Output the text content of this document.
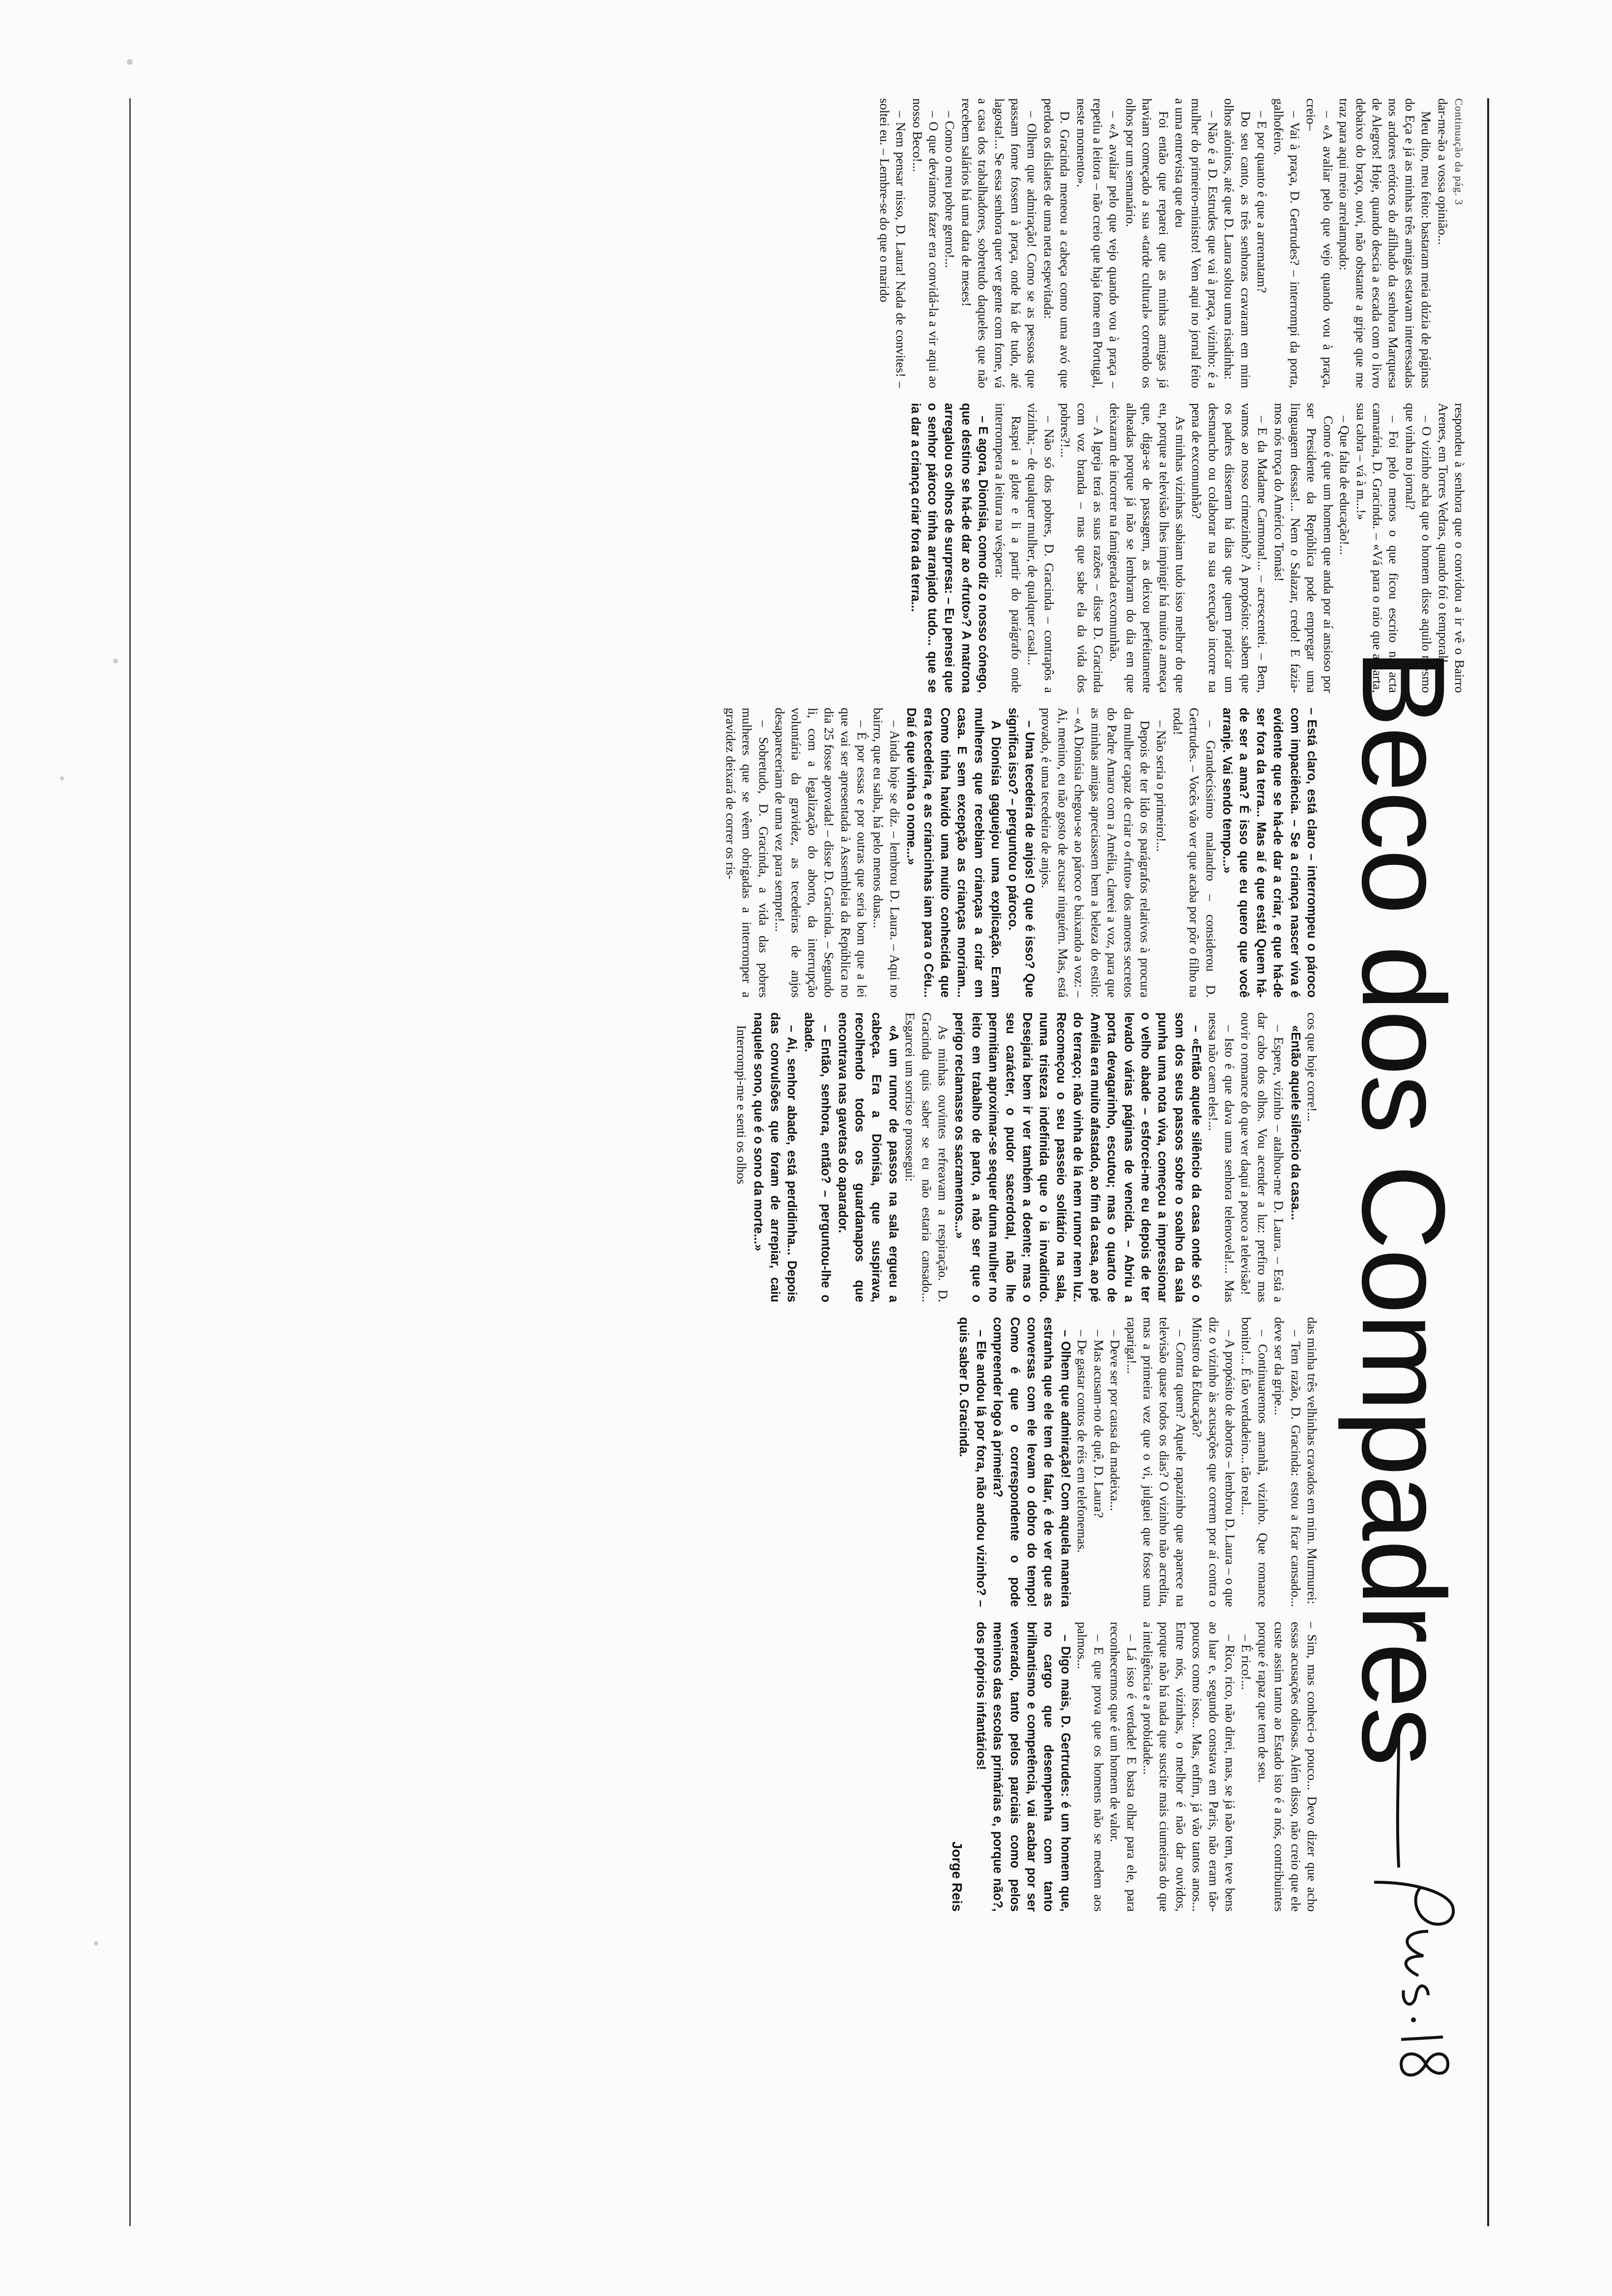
Beco dos Compadres

Continuação da pág. 3

dar-me-ão a vossa opinião...

Meu dito, meu feito: bastaram meia dúzia de páginas do Eça e já as minhas três amigas estavam interessadas nos ardores eróticos do afilhado da senhora Marquesa de Alegros! Hoje, quando descia a escada com o livro debaixo do braço, ouvi, não obstante a gripe que me traz para aqui meio arrelampado:

– «A avaliar pelo que vejo quando vou à praça, creio–

– Vai à praça, D. Gertrudes? – interrompi da porta, galhofeiro.

– E por quanto é que a arrematam?

Do seu canto, as três senhoras cravaram em mim olhos atónitos, até que D. Laura soltou uma risadinha:

– Não é a D. Estrudes que vai à praça, vizinho: é a mulher do primeiro-ministro! Vem aqui no jornal feito a uma entrevista que deu

Foi então que reparei que as minhas amigas já haviam começado a sua «tarde cultural» correndo os olhos por um semanário.

– «A avaliar pelo que vejo quando vou à praça – repetiu a leitora – não creio que haja fome em Portugal, neste momento».

D. Gracinda meneou a cabeça como uma avó que perdoa os dislates de uma neta espevitada:

– Olhem que admiração! Como se as pessoas que passam fome fossem à praça, onde há de tudo, até lagosta!... Se essa senhora quer ver gente com fome, vá a casa dos trabalhadores, sobretudo daqueles que não recebem salários há uma data de meses!

– Como o meu pobre genro!...

– O que devíamos fazer era convidá-la a vir aqui ao nosso Beco!...

– Nem pensar nisso, D. Laura! Nada de convites! – soltei eu. – Lembre-se do que o marido

respondeu à senhora que o convidou a ir vê o Bairro Arenes, em Torres Vedras, quando foi o temporal!

– O vizinho acha que o homem disse aquilo mesmo que vinha no jornal?

– Foi pelo menos o que ficou escrito na acta camarária, D. Gracinda. – «Vá para o raio que a parta, sua cabra – vá à m...!»

– Que falta de educação!...

Como é que um homem que anda por aí ansioso por ser Presidente da República pode empregar uma linguagem dessas!... Nem o Salazar, credo! E fazia-mos nós troça do Américo Tomás!

– E da Madame Carmona!... – acrescentei. – Bem, vamos ao nosso crimezinho? A propósito: sabem que os padres disseram há dias que quem praticar um desmancho ou colaborar na sua execução incorre na pena de excomunhão?

As minhas vizinhas sabiam tudo isso melhor do que eu, porque a televisão lhes impingir há muito a ameaça que, diga-se de passagem, as deixou perfeitamente alheadas porque já não se lembram do dia em que deixaram de incorrer na famigerada excomunhão.

– A Igreja terá as suas razões – disse D. Gracinda com voz branda – mas que sabe ela da vida dos pobres?!...

– Não só dos pobres, D. Gracinda – contrapôs a vizinha; – de qualquer mulher, de qualquer casal...

Raspei a glote e li a partir do parágrafo onde interrompera a leitura na véspera:

– E agora, Dionísia, como diz o nosso cónego, que destino se há-de dar ao «fruto»? A matrona arregalou os olhos de surpresa: – Eu pensei que o senhor pároco tinha arranjado tudo... que se ia dar a criança criar fora da terra...

– Está claro, está claro – interrompeu o pároco com impaciência. – Se a criança nascer viva é evidente que se há-de dar a criar, e que há-de ser fora da terra... Mas aí é que está! Quem há-de ser a ama? É isso que eu quero que você arranje. Vai sendo tempo...»

– Grandecíssimo malandro – considerou D. Gertrudes. – Vocês vão ver que acaba por pôr o filho na roda!

– Não seria o primeiro!...

Depois de ter lido os parágrafos relativos à procura da mulher capaz de criar o «fruto» dos amores secretos do Padre Amaro com a Amélia, clareei a voz, para que as minhas amigas apreciassem bem a beleza do estilo: – «A Dionísia chegou-se ao pároco e baixando a voz: – Ai, menino, eu não gosto de acusar ninguém. Mas, está provado, é uma tecedeira de anjos.

– Uma tecedeira de anjos! O que é isso? Que significa isso? – perguntou o pároco.

A Dionísia gaguejou uma explicação. Eram mulheres que recebiam crianças a criar em casa. E sem excepção as crianças morriam... Como tinha havido uma muito conhecida que era tecedeira, e as criancinhas iam para o Céu... Daí é que vinha o nome...»

– Ainda hoje se diz. – lembrou D. Laura. – Aqui no bairro, que eu saiba, há pelo menos duas...

– É por essas e por outras que seria bom que a lei que vai ser apresentada à Assembleia da República no dia 25 fosse aprovada! – disse D. Gracinda. – Segundo li, com a legalização do aborto, da interrupção voluntária da gravidez, as tecedeiras de anjos desapareceriam de uma vez para sempre!...

– Sobretudo, D. Gracinda, a vida das pobres mulheres que se vêem obrigadas a interromper a gravidez deixará de correr os ris-

cos que hoje corre!...

«Então aquele silêncio da casa...

– Espere, vizinho – atalhou-me D. Laura. – Está a dar cabo dos olhos. Vou acender a luz: prefiro mas ouvir o romance do que ver daqui a pouco a televisão!

– Isto é que dava uma senhora telenovela!... Mas nessa não caem eles!...

– «Então aquele silêncio da casa onde só o som dos seus passos sobre o soalho da sala punha uma nota viva, começou a impressionar o velho abade – esforcei-me eu depois de ter levado várias páginas de vencida. – Abriu a porta devagarinho, escutou; mas o quarto de Amélia era muito afastado, ao fim da casa, ao pé do terraço; não vinha de lá nem rumor nem luz. Recomeçou o seu passeio solitário na sala, numa tristeza indefinida que o ia invadindo. Desejaria bem ir ver também a doente; mas o seu carácter, o pudor sacerdotal, não lhe permitiam aproximar-se sequer duma mulher no leito em trabalho de parto, a não ser que o perigo reclamasse os sacramentos...»

As minhas ouvintes refreavam a respiração. D. Gracinda quis saber se eu não estaria cansado... Esgarcei um sorriso e prossegui:

«A um rumor de passos na sala ergueu a cabeça. Era a Dionísia, que suspirava, recolhendo todos os guardanapos que encontrava nas gavetas do aparador.

– Então, senhora, então? – perguntou-lhe o abade.

– Ai, senhor abade, está perdidinha... Depois das convulsões que foram de arrepiar, caiu naquele sono, que é o sono da morte...»

Interrompi-me e senti os olhos

das minha três velhinhas cravados em mim. Murmurei:

– Tem razão, D. Gracinda: estou a ficar cansado... deve ser da gripe...

– Continuaremos amanhã, vizinho. Que romance bonito!... É tão verdadeiro... tão real...

– A propósito de abortos – lembrou D. Laura – o que diz o vizinho às acusações que correm por aí contra o Ministro da Educação?

– Contra quem? Aquele rapazinho que aparece na televisão quase todos os dias? O vizinho não acredita, mas a primeira vez que o vi, julguei que fosse uma rapariga!...

– Deve ser por causa da madeixa...

– Mas acusam-no de quê, D. Laura?

– De gastar contos de réis em telefonemas.

– Olhem que admiração! Com aquela maneira estranha que ele tem de falar, é de ver que as conversas com ele levam o dobro do tempo! Como é que o correspondente o pode compreender logo à primeira?

– Ele andou lá por fora, não andou vizinho? – quis saber D. Gracinda.

– Sim, mas conheci-o pouco... Devo dizer que acho essas acusações odiosas. Além disso, não creio que ele custe assim tanto ao Estado isto é a nós, contribuintes porque é rapaz que tem de seu.

– É rico!...

– Rico, rico, não direi, mas, se já não tem, teve bens ao luar e, segundo constava em Paris, não eram tão-poucos como isso... Mas, enfim, já vão tantos anos... Entre nós, vizinhas, o melhor é não dar ouvidos, porque não há nada que suscite mais ciumeiras do que a inteligência e a probidade...

– Lá isso é verdade! E basta olhar para ele, para reconhecermos que é um homem de valor.

– E que prova que os homens não se medem aos palmos...

– Digo mais, D. Gertrudes: é um homem que, no cargo que desempenha com tanto brilhantismo e competência, vai acabar por ser venerado, tanto pelos parciais como pelos meninos das escolas primárias e, porque não?, dos próprios infantários!

Jorge Reis
